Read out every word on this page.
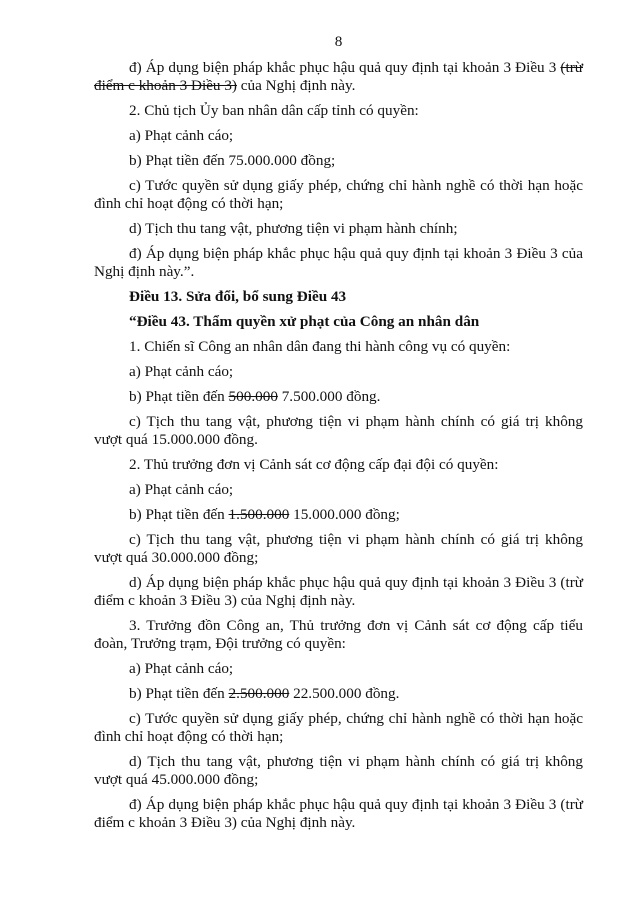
8

đ) Áp dụng biện pháp khắc phục hậu quả quy định tại khoản 3 Điều 3 (trừ điểm c khoản 3 Điều 3) của Nghị định này.

2. Chủ tịch Ủy ban nhân dân cấp tỉnh có quyền:

a) Phạt cảnh cáo;

b) Phạt tiền đến 75.000.000 đồng;

c) Tước quyền sử dụng giấy phép, chứng chỉ hành nghề có thời hạn hoặc đình chỉ hoạt động có thời hạn;

d) Tịch thu tang vật, phương tiện vi phạm hành chính;

đ) Áp dụng biện pháp khắc phục hậu quả quy định tại khoản 3 Điều 3 của Nghị định này.”.

Điều 13. Sửa đổi, bổ sung Điều 43

“Điều 43. Thẩm quyền xử phạt của Công an nhân dân

1. Chiến sĩ Công an nhân dân đang thi hành công vụ có quyền:

a) Phạt cảnh cáo;

b) Phạt tiền đến 500.000 7.500.000 đồng.

c) Tịch thu tang vật, phương tiện vi phạm hành chính có giá trị không vượt quá 15.000.000 đồng.

2. Thủ trưởng đơn vị Cảnh sát cơ động cấp đại đội có quyền:

a) Phạt cảnh cáo;

b) Phạt tiền đến 1.500.000 15.000.000 đồng;

c) Tịch thu tang vật, phương tiện vi phạm hành chính có giá trị không vượt quá 30.000.000 đồng;

d) Áp dụng biện pháp khắc phục hậu quả quy định tại khoản 3 Điều 3 (trừ điểm c khoản 3 Điều 3) của Nghị định này.

3. Trưởng đồn Công an, Thủ trưởng đơn vị Cảnh sát cơ động cấp tiểu đoàn, Trưởng trạm, Đội trưởng có quyền:

a) Phạt cảnh cáo;

b) Phạt tiền đến 2.500.000 22.500.000 đồng.

c) Tước quyền sử dụng giấy phép, chứng chỉ hành nghề có thời hạn hoặc đình chỉ hoạt động có thời hạn;

d) Tịch thu tang vật, phương tiện vi phạm hành chính có giá trị không vượt quá 45.000.000 đồng;

đ) Áp dụng biện pháp khắc phục hậu quả quy định tại khoản 3 Điều 3 (trừ điểm c khoản 3 Điều 3) của Nghị định này.
